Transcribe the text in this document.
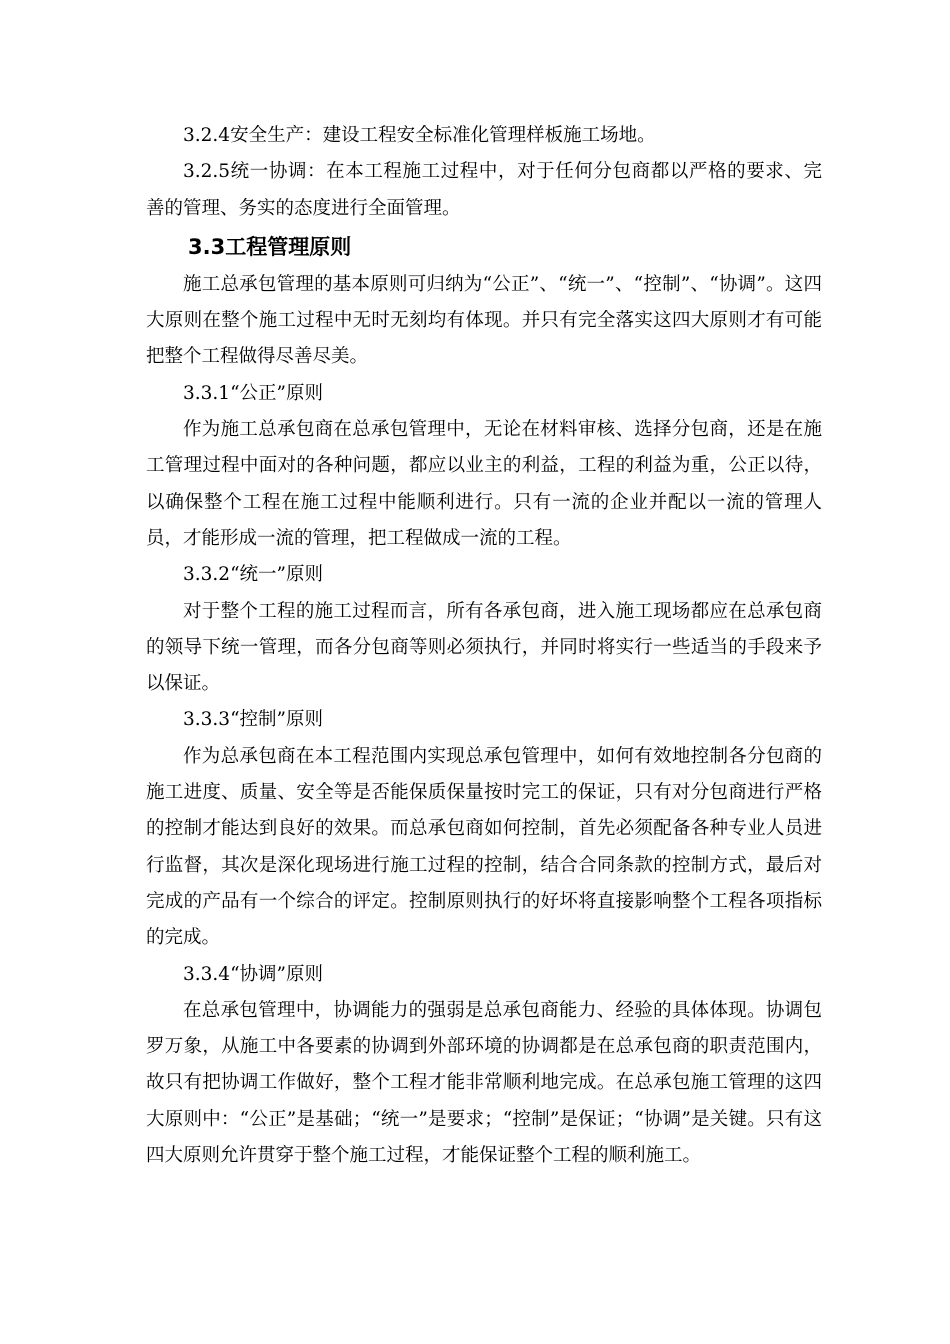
3.2.4安全生产：建设工程安全标准化管理样板施工场地。

3.2.5统一协调：在本工程施工过程中，对于任何分包商都以严格的要求、完善的管理、务实的态度进行全面管理。

3.3工程管理原则

施工总承包管理的基本原则可归纳为“公正”、“统一”、“控制”、“协调”。这四大原则在整个施工过程中无时无刻均有体现。并只有完全落实这四大原则才有可能把整个工程做得尽善尽美。

3.3.1“公正”原则

作为施工总承包商在总承包管理中，无论在材料审核、选择分包商，还是在施工管理过程中面对的各种问题，都应以业主的利益，工程的利益为重，公正以待，以确保整个工程在施工过程中能顺利进行。只有一流的企业并配以一流的管理人员，才能形成一流的管理，把工程做成一流的工程。

3.3.2“统一”原则

对于整个工程的施工过程而言，所有各承包商，进入施工现场都应在总承包商的领导下统一管理，而各分包商等则必须执行，并同时将实行一些适当的手段来予以保证。

3.3.3“控制”原则

作为总承包商在本工程范围内实现总承包管理中，如何有效地控制各分包商的施工进度、质量、安全等是否能保质保量按时完工的保证，只有对分包商进行严格的控制才能达到良好的效果。而总承包商如何控制，首先必须配备各种专业人员进行监督，其次是深化现场进行施工过程的控制，结合合同条款的控制方式，最后对完成的产品有一个综合的评定。控制原则执行的好坏将直接影响整个工程各项指标的完成。

3.3.4“协调”原则

在总承包管理中，协调能力的强弱是总承包商能力、经验的具体体现。协调包罗万象，从施工中各要素的协调到外部环境的协调都是在总承包商的职责范围内，故只有把协调工作做好，整个工程才能非常顺利地完成。在总承包施工管理的这四大原则中：“公正”是基础；“统一”是要求；“控制”是保证；“协调”是关键。只有这四大原则允许贯穿于整个施工过程，才能保证整个工程的顺利施工。
